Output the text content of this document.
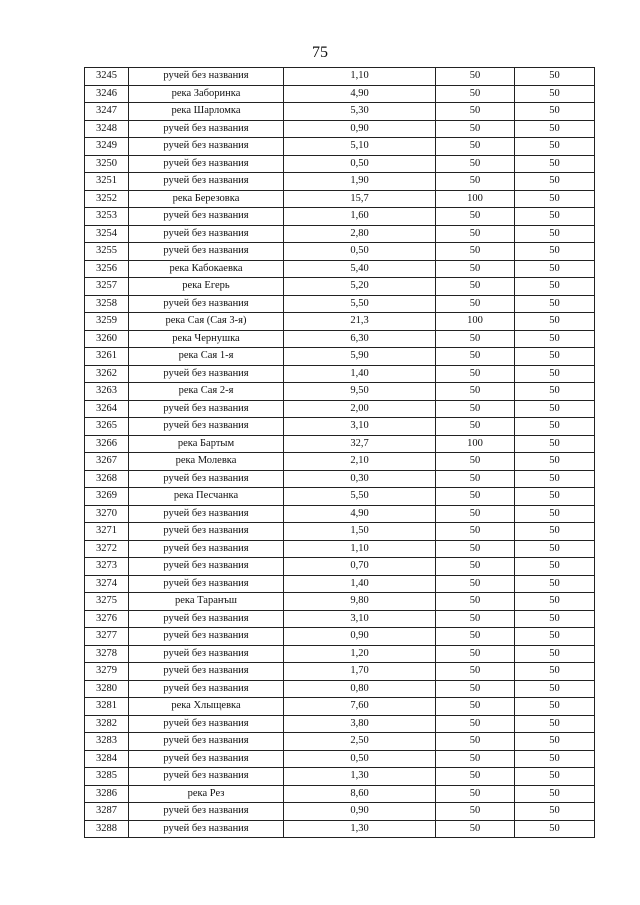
75
3245	ручей без названия	1,10	50	50
3246	река Заборинка	4,90	50	50
3247	река Шарломка	5,30	50	50
3248	ручей без названия	0,90	50	50
3249	ручей без названия	5,10	50	50
3250	ручей без названия	0,50	50	50
3251	ручей без названия	1,90	50	50
3252	река Березовка	15,7	100	50
3253	ручей без названия	1,60	50	50
3254	ручей без названия	2,80	50	50
3255	ручей без названия	0,50	50	50
3256	река Кабокаевка	5,40	50	50
3257	река Егерь	5,20	50	50
3258	ручей без названия	5,50	50	50
3259	река Сая (Сая 3-я)	21,3	100	50
3260	река Чернушка	6,30	50	50
3261	река Сая 1-я	5,90	50	50
3262	ручей без названия	1,40	50	50
3263	река Сая 2-я	9,50	50	50
3264	ручей без названия	2,00	50	50
3265	ручей без названия	3,10	50	50
3266	река Бартым	32,7	100	50
3267	река Молевка	2,10	50	50
3268	ручей без названия	0,30	50	50
3269	река Песчанка	5,50	50	50
3270	ручей без названия	4,90	50	50
3271	ручей без названия	1,50	50	50
3272	ручей без названия	1,10	50	50
3273	ручей без названия	0,70	50	50
3274	ручей без названия	1,40	50	50
3275	река Таранъш	9,80	50	50
3276	ручей без названия	3,10	50	50
3277	ручей без названия	0,90	50	50
3278	ручей без названия	1,20	50	50
3279	ручей без названия	1,70	50	50
3280	ручей без названия	0,80	50	50
3281	река Хлыщевка	7,60	50	50
3282	ручей без названия	3,80	50	50
3283	ручей без названия	2,50	50	50
3284	ручей без названия	0,50	50	50
3285	ручей без названия	1,30	50	50
3286	река Рез	8,60	50	50
3287	ручей без названия	0,90	50	50
3288	ручей без названия	1,30	50	50
